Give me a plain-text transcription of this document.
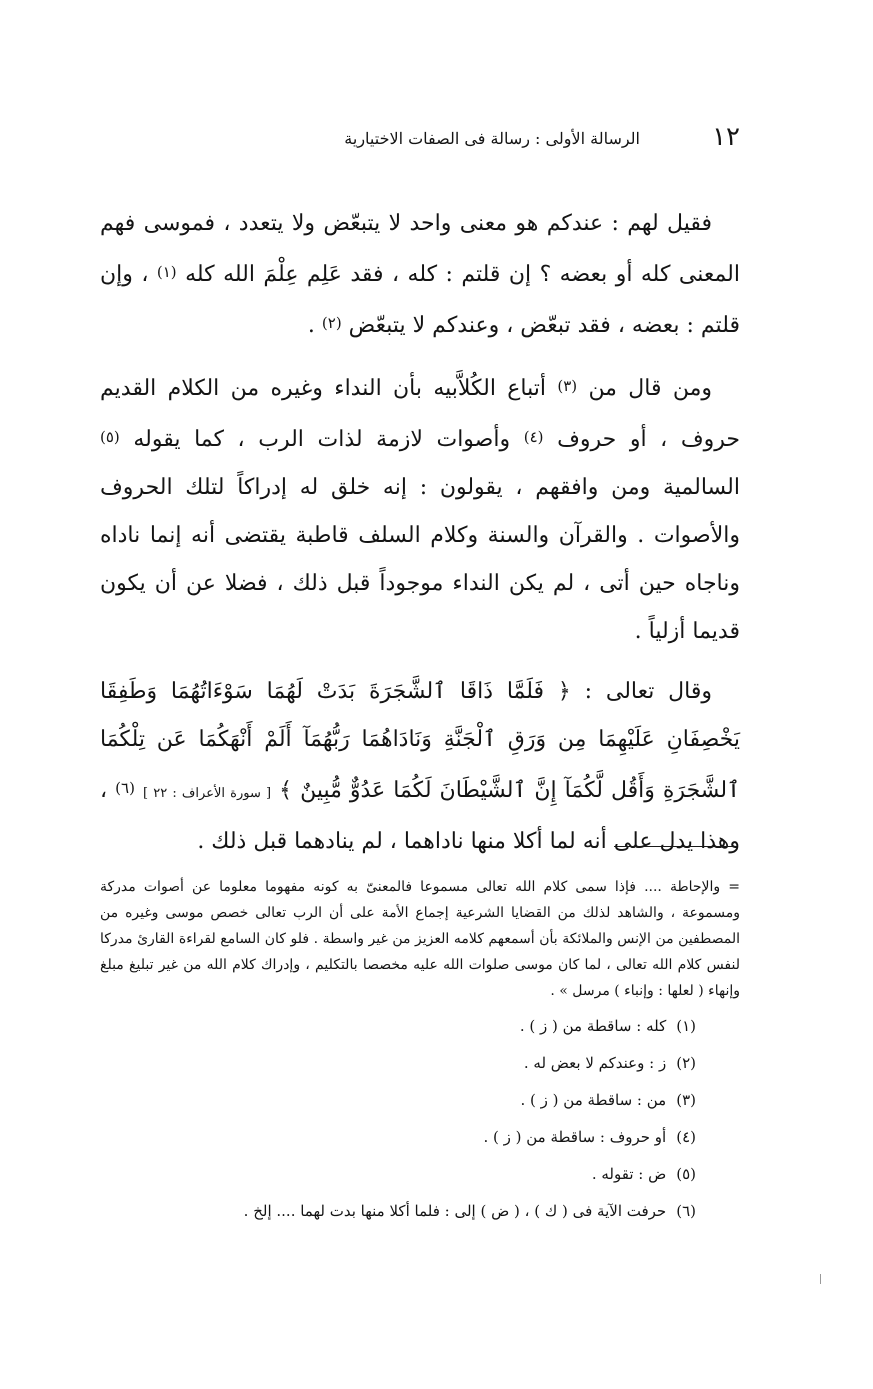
١٢
الرسالة الأولى : رسالة فى الصفات الاختيارية

فقيل لهم : عندكم هو معنى واحد لا يتبعّض ولا يتعدد ، فموسى فهم المعنى كله أو بعضه ؟ إن قلتم : كله ، فقد عَلِم عِلْمَ الله كله (١) ، وإن قلتم : بعضه ، فقد تبعّض ، وعندكم لا يتبعّض (٢) .

ومن قال من (٣) أتباع الكُلاَّبيه بأن النداء وغيره من الكلام القديم حروف ، أو حروف (٤) وأصوات لازمة لذات الرب ، كما يقوله (٥) السالمية ومن وافقهم ، يقولون : إنه خلق له إدراكاً لتلك الحروف والأصوات . والقرآن والسنة وكلام السلف قاطبة يقتضى أنه إنما ناداه وناجاه حين أتى ، لم يكن النداء موجوداً قبل ذلك ، فضلا عن أن يكون قديما أزلياً .

وقال تعالى : ﴿ فَلَمَّا ذَاقَا ٱلشَّجَرَةَ بَدَتْ لَهُمَا سَوْءَاتُهُمَا وَطَفِقَا يَخْصِفَانِ عَلَيْهِمَا مِن وَرَقِ ٱلْجَنَّةِ وَنَادَاهُمَا رَبُّهُمَآ أَلَمْ أَنْهَكُمَا عَن تِلْكُمَا ٱلشَّجَرَةِ وَأَقُل لَّكُمَآ إِنَّ ٱلشَّيْطَانَ لَكُمَا عَدُوٌّ مُّبِينٌ ﴾ [ سورة الأعراف : ٢٢ ] (٦) ، وهذا يدل على أنه لما أكلا منها ناداهما ، لم ينادهما قبل ذلك .

= والإحاطة .... فإذا سمى كلام الله تعالى مسموعا فالمعنىّ به كونه مفهوما معلوما عن أصوات مدركة ومسموعة ، والشاهد لذلك من القضايا الشرعية إجماع الأمة على أن الرب تعالى خصص موسى وغيره من المصطفين من الإنس والملائكة بأن أسمعهم كلامه العزيز من غير واسطة . فلو كان السامع لقراءة القارئ مدركا لنفس كلام الله تعالى ، لما كان موسى صلوات الله عليه مخصصا بالتكليم ، وإدراك كلام الله من غير تبليغ مبلغ وإنهاء ( لعلها : وإنباء ) مرسل » .

(١)كله : ساقطة من ( ز ) .
(٢)ز : وعندكم لا بعض له .
(٣)من : ساقطة من ( ز ) .
(٤)أو حروف : ساقطة من ( ز ) .
(٥)ض : تقوله .
(٦)حرفت الآية فى ( ك ) ، ( ض ) إلى : فلما أكلا منها بدت لهما .... إلخ .
